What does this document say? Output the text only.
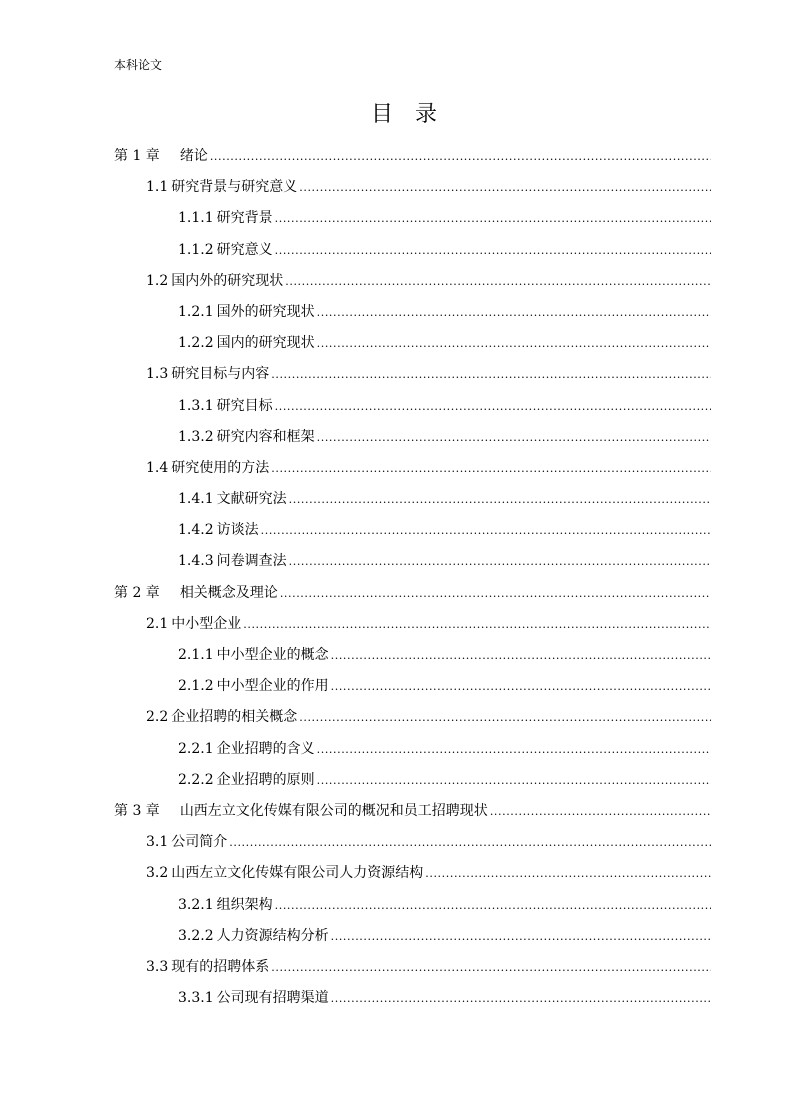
本科论文
目录
第 1 章	绪论
.....
1.1 研究背景与研究意义
.....
1.1.1 研究背景
.....
1.1.2 研究意义
.....
1.2 国内外的研究现状
.....
1.2.1 国外的研究现状
.....
1.2.2 国内的研究现状
.....
1.3 研究目标与内容
.....
1.3.1 研究目标
.....
1.3.2 研究内容和框架
.....
1.4 研究使用的方法
.....
1.4.1 文献研究法
.....
1.4.2 访谈法
.....
1.4.3 问卷调查法
.....
第 2 章	相关概念及理论
.....
2.1 中小型企业
.....
2.1.1 中小型企业的概念
.....
2.1.2 中小型企业的作用
.....
2.2 企业招聘的相关概念
.....
2.2.1 企业招聘的含义
.....
2.2.2 企业招聘的原则
.....
第 3 章	山西左立文化传媒有限公司的概况和员工招聘现状
.....
3.1 公司简介
.....
3.2 山西左立文化传媒有限公司人力资源结构
.....
3.2.1 组织架构
.....
3.2.2 人力资源结构分析
.....
3.3 现有的招聘体系
.....
3.3.1 公司现有招聘渠道
.....
